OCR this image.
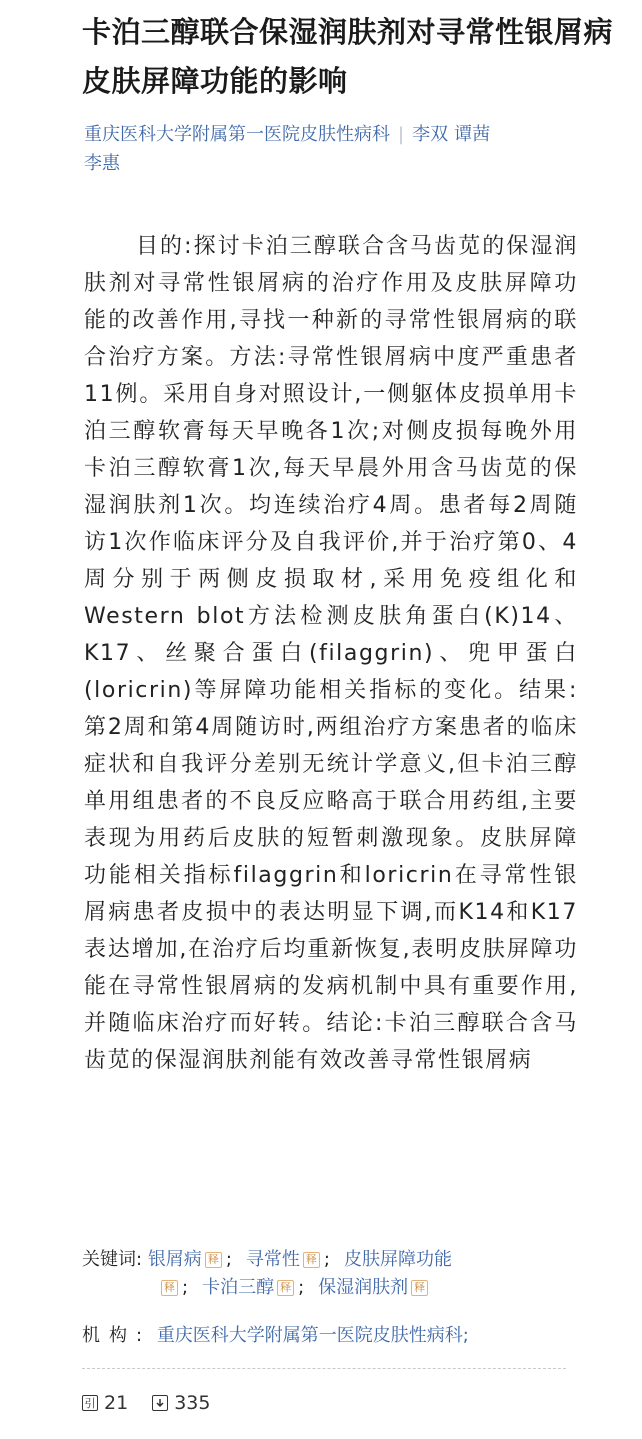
卡泊三醇联合保湿润肤剂对寻常性银屑病皮肤屏障功能的影响
重庆医科大学附属第一医院皮肤性病科 | 李双 谭茜
李惠
目的:探讨卡泊三醇联合含马齿苋的保湿润肤剂对寻常性银屑病的治疗作用及皮肤屏障功能的改善作用,寻找一种新的寻常性银屑病的联合治疗方案。方法:寻常性银屑病中度严重患者11例。采用自身对照设计,一侧躯体皮损单用卡泊三醇软膏每天早晚各1次;对侧皮损每晚外用卡泊三醇软膏1次,每天早晨外用含马齿苋的保湿润肤剂1次。均连续治疗4周。患者每2周随访1次作临床评分及自我评价,并于治疗第0、4周分别于两侧皮损取材,采用免疫组化和Western blot方法检测皮肤角蛋白(K)14、K17、丝聚合蛋白(filaggrin)、兜甲蛋白(loricrin)等屏障功能相关指标的变化。结果:第2周和第4周随访时,两组治疗方案患者的临床症状和自我评分差别无统计学意义,但卡泊三醇单用组患者的不良反应略高于联合用药组,主要表现为用药后皮肤的短暂刺激现象。皮肤屏障功能相关指标filaggrin和loricrin在寻常性银屑病患者皮损中的表达明显下调,而K14和K17表达增加,在治疗后均重新恢复,表明皮肤屏障功能在寻常性银屑病的发病机制中具有重要作用,并随临床治疗而好转。结论:卡泊三醇联合含马齿苋的保湿润肤剂能有效改善寻常性银屑病
关键词: 银屑病 释 ; 寻常性 释 ; 皮肤屏障功能
释 ; 卡泊三醇 释 ; 保湿润肤剂 释
机构: 重庆医科大学附属第一医院皮肤性病科;
引 21 335
